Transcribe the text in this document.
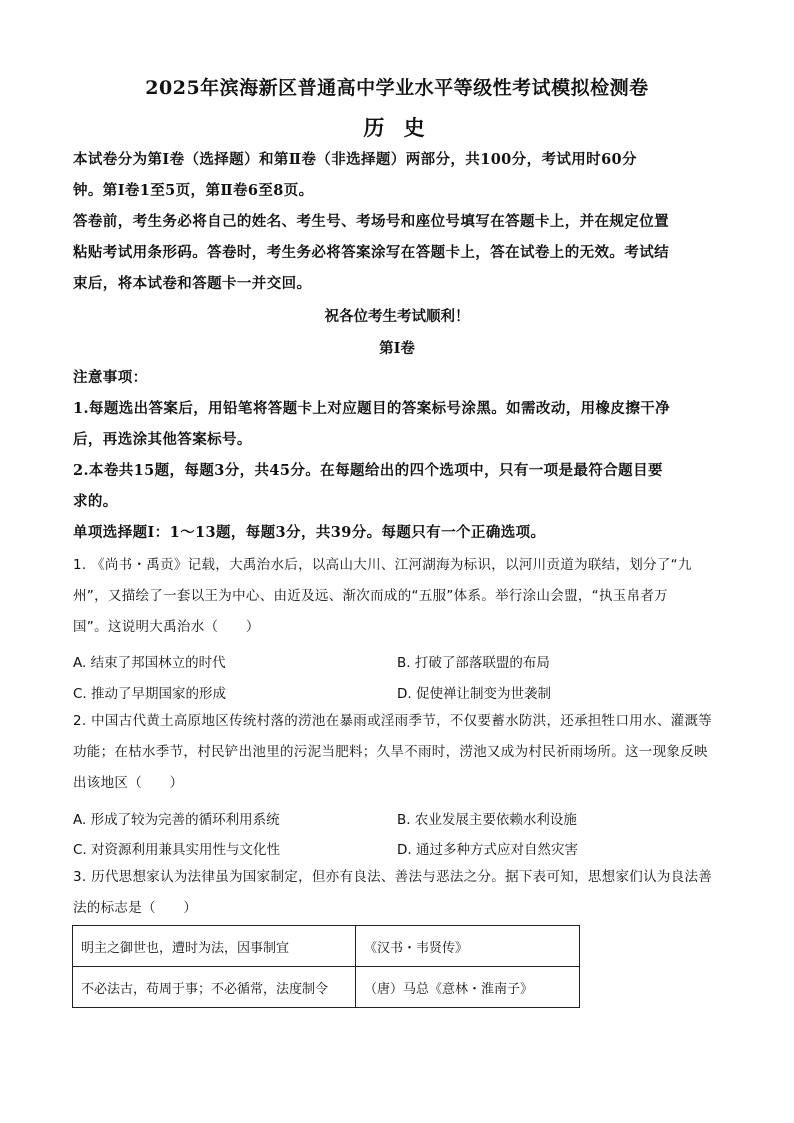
2025年滨海新区普通高中学业水平等级性考试模拟检测卷
历 史
本试卷分为第Ⅰ卷（选择题）和第Ⅱ卷（非选择题）两部分，共100分，考试用时60分
钟。第Ⅰ卷1至5页，第Ⅱ卷6至8页。
答卷前，考生务必将自己的姓名、考生号、考场号和座位号填写在答题卡上，并在规定位置
粘贴考试用条形码。答卷时，考生务必将答案涂写在答题卡上，答在试卷上的无效。考试结
束后，将本试卷和答题卡一并交回。
祝各位考生考试顺利！
第Ⅰ卷
注意事项：
1.每题选出答案后，用铅笔将答题卡上对应题目的答案标号涂黑。如需改动，用橡皮擦干净
后，再选涂其他答案标号。
2.本卷共15题，每题3分，共45分。在每题给出的四个选项中，只有一项是最符合题目要
求的。
单项选择题Ⅰ：1～13题，每题3分，共39分。每题只有一个正确选项。
1. 《尚书・禹贡》记载，大禹治水后，以高山大川、江河湖海为标识，以河川贡道为联结，划分了“九
州”，又描绘了一套以王为中心、由近及远、渐次而成的“五服”体系。举行涂山会盟，“执玉帛者万
国”。这说明大禹治水（　　）
A. 结束了邦国林立的时代	B. 打破了部落联盟的布局
C. 推动了早期国家的形成	D. 促使禅让制变为世袭制
2. 中国古代黄土高原地区传统村落的涝池在暴雨或淫雨季节，不仅要蓄水防洪，还承担牲口用水、灌溉等
功能；在枯水季节，村民铲出池里的污泥当肥料；久旱不雨时，涝池又成为村民祈雨场所。这一现象反映
出该地区（　　）
A. 形成了较为完善的循环利用系统	B. 农业发展主要依赖水利设施
C. 对资源利用兼具实用性与文化性	D. 通过多种方式应对自然灾害
3. 历代思想家认为法律虽为国家制定，但亦有良法、善法与恶法之分。据下表可知，思想家们认为良法善
法的标志是（　　）
明主之御世也，遭时为法，因事制宜	《汉书・韦贤传》
不必法古，苟周于事；不必循常，法度制令	（唐）马总《意林・淮南子》
